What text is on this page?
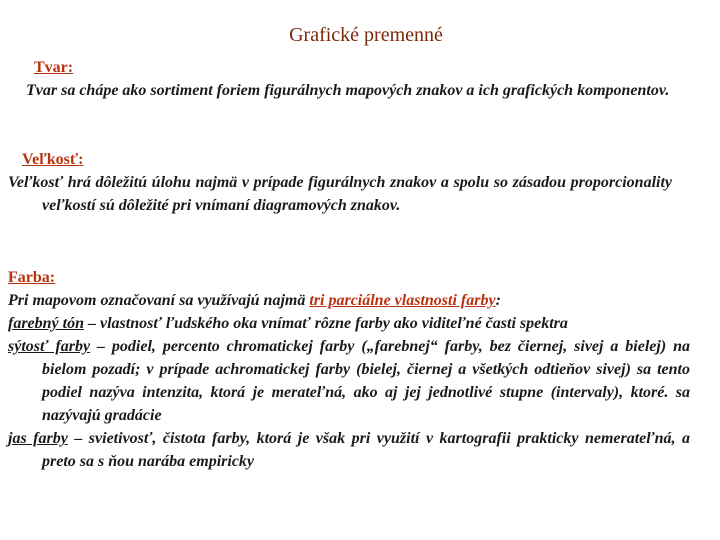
Grafické premenné
Tvar:
Tvar sa chápe ako sortiment foriem figurálnych mapových znakov a ich grafických komponentov.
Veľkosť:
Veľkosť hrá dôležitú úlohu najmä v prípade figurálnych znakov a spolu so zásadou proporcionality veľkostí sú dôležité pri vnímaní diagramových znakov.
Farba:
Pri mapovom označovaní sa využívajú najmä tri parciálne vlastnosti farby:
farebný tón – vlastnosť ľudského oka vnímať rôzne farby ako viditeľné časti spektra
sýtosť farby – podiel, percento chromatickej farby („farebnej“ farby, bez čiernej, sivej a bielej) na bielom pozadí; v prípade achromatickej farby (bielej, čiernej a všetkých odtieňov sivej) sa tento podiel nazýva intenzita, ktorá je merateľná, ako aj jej jednotlivé stupne (intervaly), ktoré. sa nazývajú gradácie
jas farby – svietivosť, čistota farby, ktorá je však pri využití v kartografii prakticky nemerateľná, a preto sa s ňou narába empiricky
